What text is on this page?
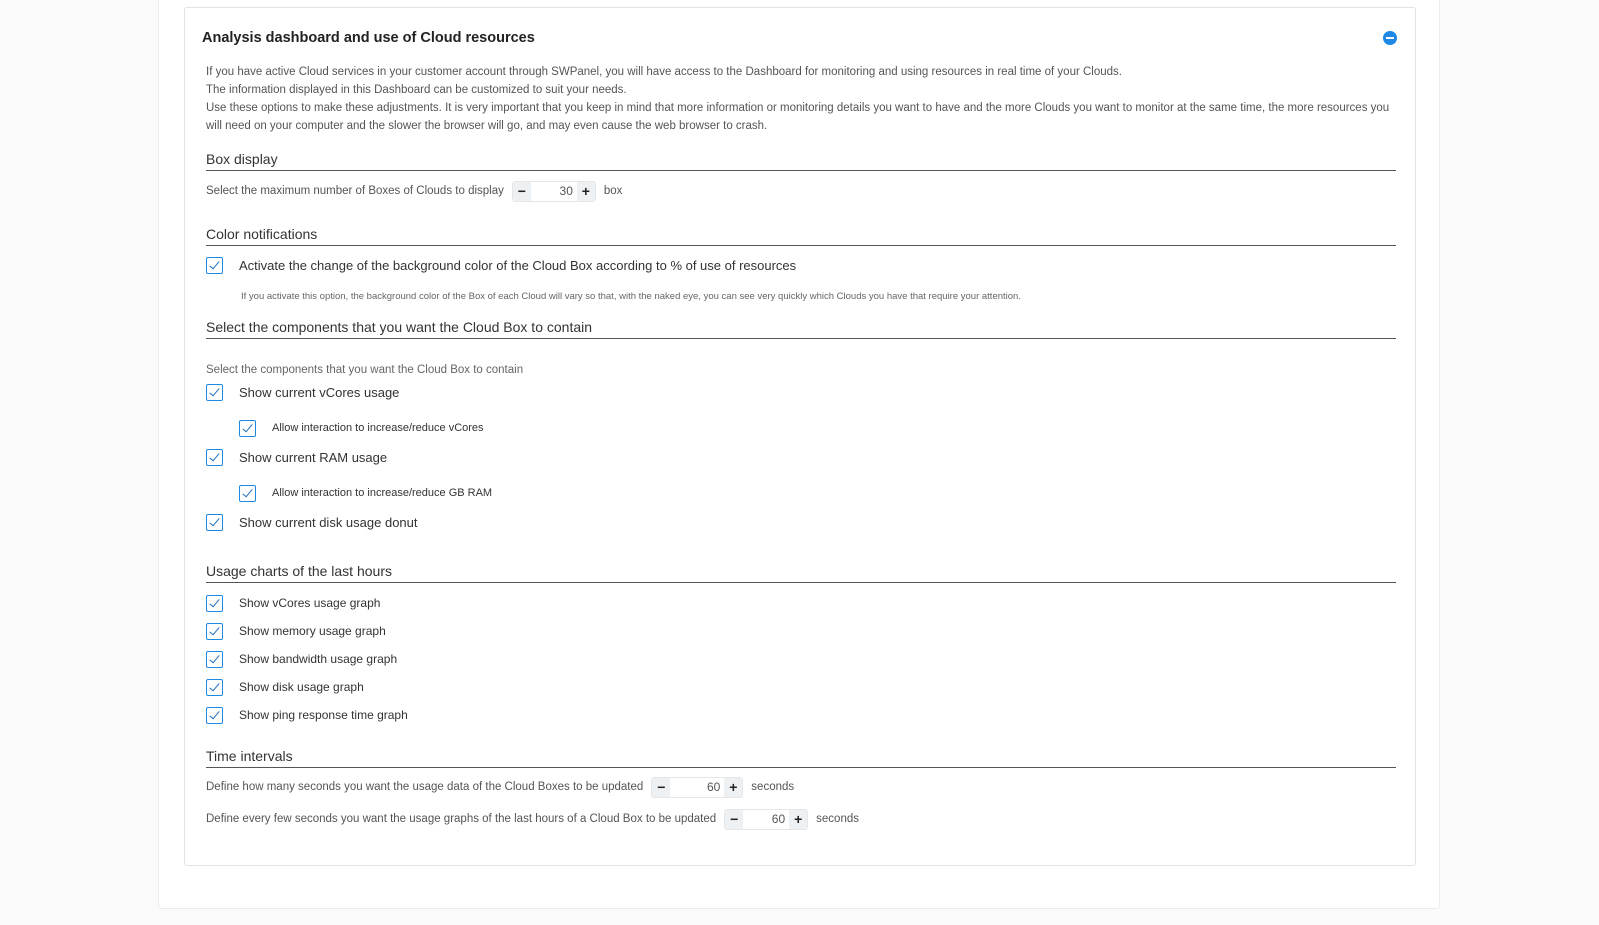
Analysis dashboard and use of Cloud resources
If you have active Cloud services in your customer account through SWPanel, you will have access to the Dashboard for monitoring and using resources in real time of your Clouds.
The information displayed in this Dashboard can be customized to suit your needs.
Use these options to make these adjustments. It is very important that you keep in mind that more information or monitoring details you want to have and the more Clouds you want to monitor at the same time, the more resources you will need on your computer and the slower the browser will go, and may even cause the web browser to crash.
Box display
Select the maximum number of Boxes of Clouds to display −
30	+	box
Color notifications
Activate the change of the background color of the Cloud Box according to % of use of resources
If you activate this option, the background color of the Box of each Cloud will vary so that, with the naked eye, you can see very quickly which Clouds you have that require your attention.
Select the components that you want the Cloud Box to contain
Select the components that you want the Cloud Box to contain
Show current vCores usage
Allow interaction to increase/reduce vCores
Show current RAM usage
Allow interaction to increase/reduce GB RAM
Show current disk usage donut
Usage charts of the last hours
Show vCores usage graph
Show memory usage graph
Show bandwidth usage graph
Show disk usage graph
Show ping response time graph
Time intervals
Define how many seconds you want the usage data of the Cloud Boxes to be updated −
60	+	seconds
Define every few seconds you want the usage graphs of the last hours of a Cloud Box to be updated −
60	+	seconds
